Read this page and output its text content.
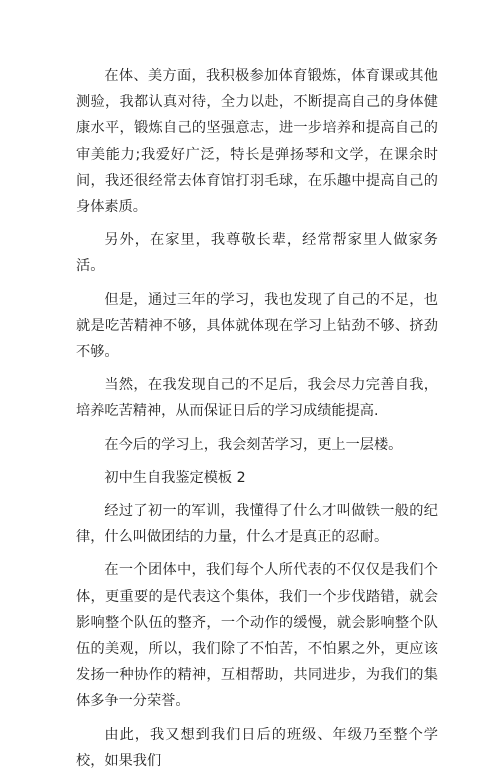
在体、美方面，我积极参加体育锻炼，体育课或其他测验，我都认真对待，全力以赴，不断提高自己的身体健康水平，锻炼自己的坚强意志，进一步培养和提高自己的审美能力;我爱好广泛，特长是弹扬琴和文学，在课余时间，我还很经常去体育馆打羽毛球，在乐趣中提高自己的身体素质。

另外，在家里，我尊敬长辈，经常帮家里人做家务活。

但是，通过三年的学习，我也发现了自己的不足，也就是吃苦精神不够，具体就体现在学习上钻劲不够、挤劲不够。

当然，在我发现自己的不足后，我会尽力完善自我，培养吃苦精神，从而保证日后的学习成绩能提高.

在今后的学习上，我会刻苦学习，更上一层楼。

初中生自我鉴定模板 2

经过了初一的军训，我懂得了什么才叫做铁一般的纪律，什么叫做团结的力量，什么才是真正的忍耐。

在一个团体中，我们每个人所代表的不仅仅是我们个体，更重要的是代表这个集体，我们一个步伐踏错，就会影响整个队伍的整齐，一个动作的缓慢，就会影响整个队伍的美观，所以，我们除了不怕苦，不怕累之外，更应该发扬一种协作的精神，互相帮助，共同进步，为我们的集体多争一分荣誉。

由此，我又想到我们日后的班级、年级乃至整个学校，如果我们
